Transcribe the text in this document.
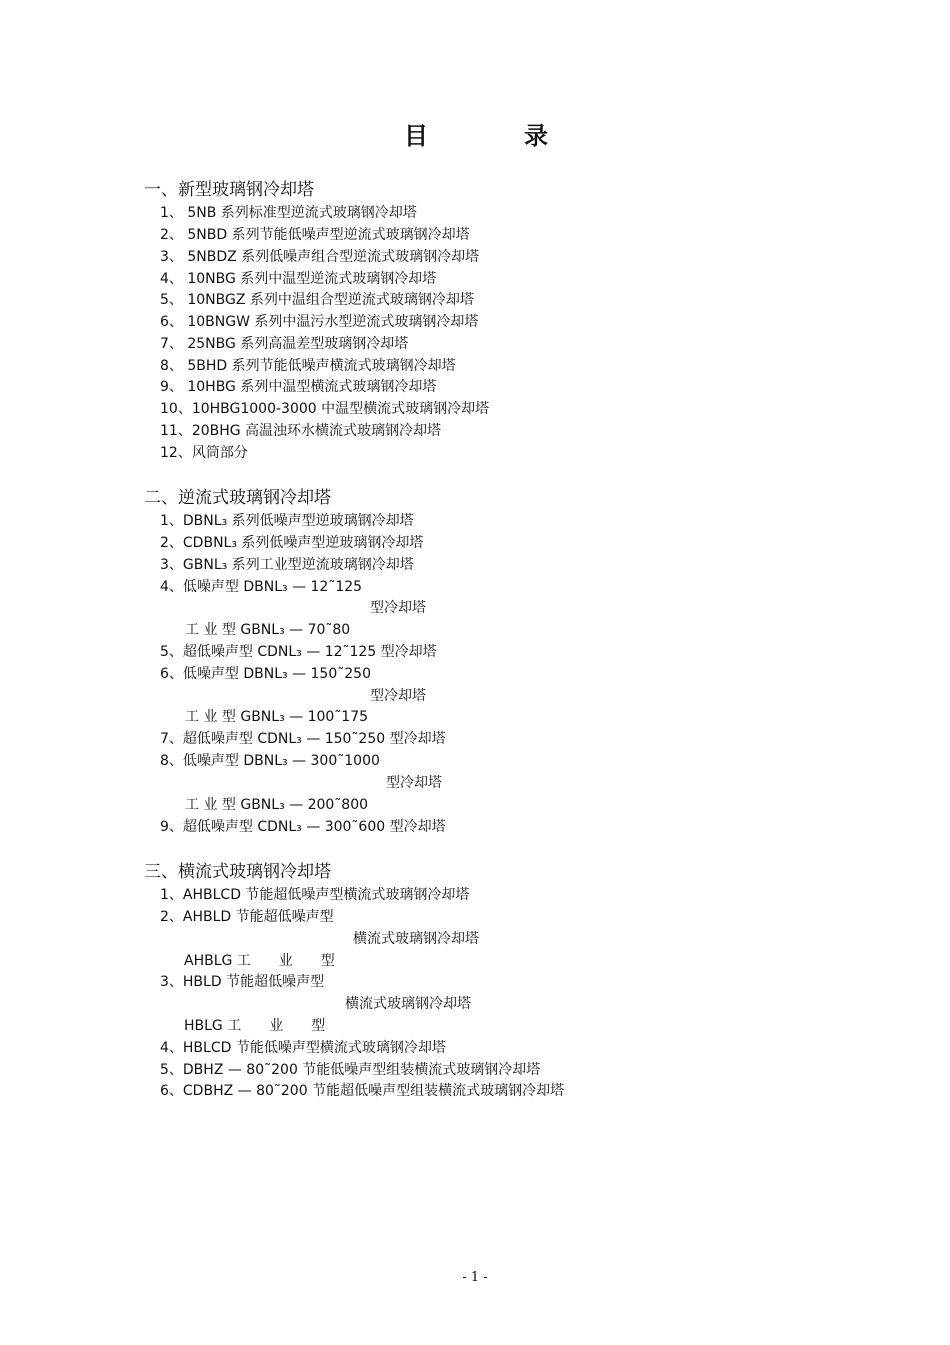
目	录
一、新型玻璃钢冷却塔
1、 5NB 系列标准型逆流式玻璃钢冷却塔
2、 5NBD 系列节能低噪声型逆流式玻璃钢冷却塔
3、 5NBDZ 系列低噪声组合型逆流式玻璃钢冷却塔
4、 10NBG 系列中温型逆流式玻璃钢冷却塔
5、 10NBGZ 系列中温组合型逆流式玻璃钢冷却塔
6、 10BNGW 系列中温污水型逆流式玻璃钢冷却塔
7、 25NBG 系列高温差型玻璃钢冷却塔
8、 5BHD 系列节能低噪声横流式玻璃钢冷却塔
9、 10HBG 系列中温型横流式玻璃钢冷却塔
10、10HBG1000-3000 中温型横流式玻璃钢冷却塔
11、20BHG 高温浊环水横流式玻璃钢冷却塔
12、风筒部分
二、逆流式玻璃钢冷却塔
1、DBNL₃ 系列低噪声型逆玻璃钢冷却塔
2、CDBNL₃ 系列低噪声型逆玻璃钢冷却塔
3、GBNL₃ 系列工业型逆流玻璃钢冷却塔
4、低噪声型 DBNL₃ — 12˜125
型冷却塔
工 业 型 GBNL₃ — 70˜80
5、超低噪声型 CDNL₃ — 12˜125 型冷却塔
6、低噪声型 DBNL₃ — 150˜250
型冷却塔
工 业 型 GBNL₃ — 100˜175
7、超低噪声型 CDNL₃ — 150˜250 型冷却塔
8、低噪声型 DBNL₃ — 300˜1000
型冷却塔
工 业 型 GBNL₃ — 200˜800
9、超低噪声型 CDNL₃ — 300˜600 型冷却塔
三、横流式玻璃钢冷却塔
1、AHBLCD 节能超低噪声型横流式玻璃钢冷却塔
2、AHBLD 节能超低噪声型
横流式玻璃钢冷却塔
AHBLG 工　　业　　型
3、HBLD 节能超低噪声型
横流式玻璃钢冷却塔
HBLG 工　　业　　型
4、HBLCD 节能低噪声型横流式玻璃钢冷却塔
5、DBHZ — 80˜200 节能低噪声型组装横流式玻璃钢冷却塔
6、CDBHZ — 80˜200 节能超低噪声型组装横流式玻璃钢冷却塔
- 1 -
